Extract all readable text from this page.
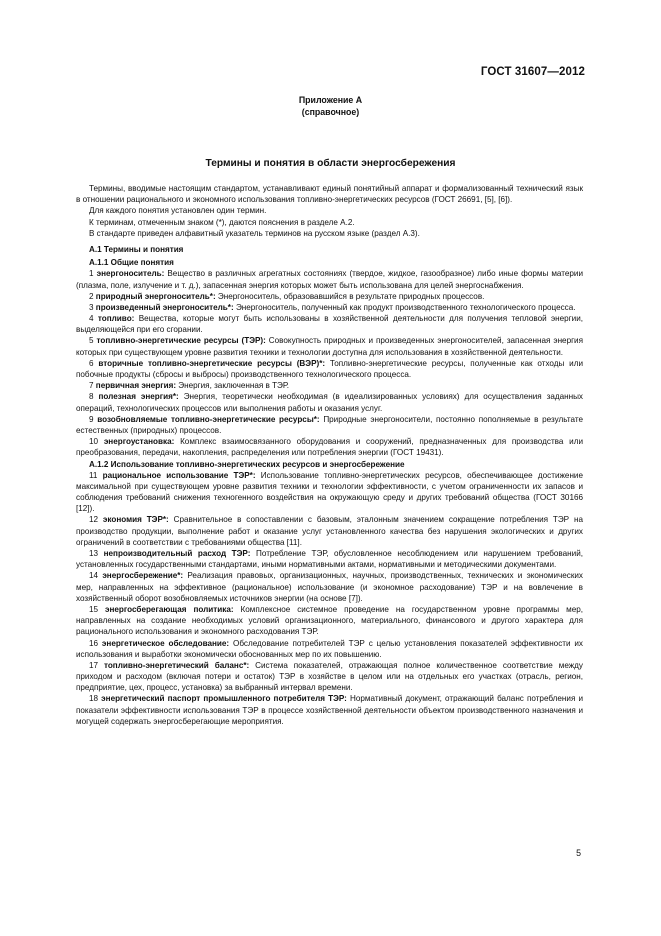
ГОСТ 31607—2012
Приложение А
(справочное)
Термины и понятия в области энергосбережения

Термины, вводимые настоящим стандартом, устанавливают единый понятийный аппарат и формализованный технический язык в отношении рационального и экономного использования топливно-энергетических ресурсов (ГОСТ 26691, [5], [6]).

Для каждого понятия установлен один термин.

К терминам, отмеченным знаком (*), даются пояснения в разделе А.2.

В стандарте приведен алфавитный указатель терминов на русском языке (раздел А.3).

А.1 Термины и понятия

А.1.1 Общие понятия

1 энергоноситель: Вещество в различных агрегатных состояниях (твердое, жидкое, газообразное) либо иные формы материи (плазма, поле, излучение и т. д.), запасенная энергия которых может быть использована для целей энергоснабжения.

2 природный энергоноситель*: Энергоноситель, образовавшийся в результате природных процессов.

3 произведенный энергоноситель*: Энергоноситель, полученный как продукт производственного технологического процесса.

4 топливо: Вещества, которые могут быть использованы в хозяйственной деятельности для получения тепловой энергии, выделяющейся при его сгорании.

5 топливно-энергетические ресурсы (ТЭР): Совокупность природных и произведенных энергоносителей, запасенная энергия которых при существующем уровне развития техники и технологии доступна для использования в хозяйственной деятельности.

6 вторичные топливно-энергетические ресурсы (ВЭР)*: Топливно-энергетические ресурсы, полученные как отходы или побочные продукты (сбросы и выбросы) производственного технологического процесса.

7 первичная энергия: Энергия, заключенная в ТЭР.

8 полезная энергия*: Энергия, теоретически необходимая (в идеализированных условиях) для осуществления заданных операций, технологических процессов или выполнения работы и оказания услуг.

9 возобновляемые топливно-энергетические ресурсы*: Природные энергоносители, постоянно пополняемые в результате естественных (природных) процессов.

10 энергоустановка: Комплекс взаимосвязанного оборудования и сооружений, предназначенных для производства или преобразования, передачи, накопления, распределения или потребления энергии (ГОСТ 19431).

А.1.2 Использование топливно-энергетических ресурсов и энергосбережение

11 рациональное использование ТЭР*: Использование топливно-энергетических ресурсов, обеспечивающее достижение максимальной при существующем уровне развития техники и технологии эффективности, с учетом ограниченности их запасов и соблюдения требований снижения техногенного воздействия на окружающую среду и других требований общества (ГОСТ 30166 [12]).

12 экономия ТЭР*: Сравнительное в сопоставлении с базовым, эталонным значением сокращение потребления ТЭР на производство продукции, выполнение работ и оказание услуг установленного качества без нарушения экологических и других ограничений в соответствии с требованиями общества [11].

13 непроизводительный расход ТЭР: Потребление ТЭР, обусловленное несоблюдением или нарушением требований, установленных государственными стандартами, иными нормативными актами, нормативными и методическими документами.

14 энергосбережение*: Реализация правовых, организационных, научных, производственных, технических и экономических мер, направленных на эффективное (рациональное) использование (и экономное расходование) ТЭР и на вовлечение в хозяйственный оборот возобновляемых источников энергии (на основе [7]).

15 энергосберегающая политика: Комплексное системное проведение на государственном уровне программы мер, направленных на создание необходимых условий организационного, материального, финансового и другого характера для рационального использования и экономного расходования ТЭР.

16 энергетическое обследование: Обследование потребителей ТЭР с целью установления показателей эффективности их использования и выработки экономически обоснованных мер по их повышению.

17 топливно-энергетический баланс*: Система показателей, отражающая полное количественное соответствие между приходом и расходом (включая потери и остаток) ТЭР в хозяйстве в целом или на отдельных его участках (отрасль, регион, предприятие, цех, процесс, установка) за выбранный интервал времени.

18 энергетический паспорт промышленного потребителя ТЭР: Нормативный документ, отражающий баланс потребления и показатели эффективности использования ТЭР в процессе хозяйственной деятельности объектом производственного назначения и могущей содержать энергосберегающие мероприятия.

5
